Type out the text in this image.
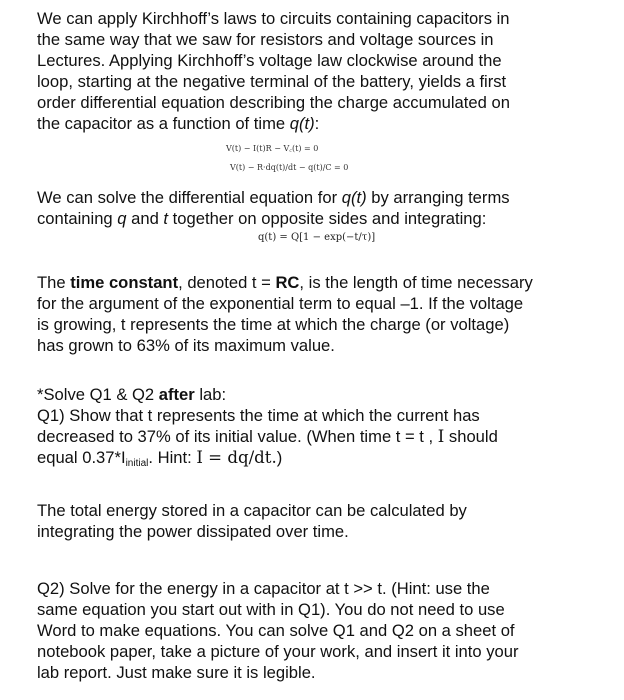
We can apply Kirchhoff’s laws to circuits containing capacitors in
the same way that we saw for resistors and voltage sources in
Lectures. Applying Kirchhoff’s voltage law clockwise around the
loop, starting at the negative terminal of the battery, yields a first
order differential equation describing the charge accumulated on
the capacitor as a function of time q(t):
V(t) − I(t)R − V꜀(t) = 0
V(t) − R·dq(t)/dt − q(t)/C = 0
We can solve the differential equation for q(t) by arranging terms
containing q and t together on opposite sides and integrating:
q(t) = Q[1 − exp(−t/τ)]
The time constant, denoted t = RC, is the length of time necessary
for the argument of the exponential term to equal –1. If the voltage
is growing, t represents the time at which the charge (or voltage)
has grown to 63% of its maximum value.
*Solve Q1 & Q2 after lab:
Q1) Show that t represents the time at which the current has
decreased to 37% of its initial value. (When time t = t , I should
equal $0.37*I_{initial}$. Hint: I = dq/dt.)
The total energy stored in a capacitor can be calculated by
integrating the power dissipated over time.
Q2) Solve for the energy in a capacitor at t >> t. (Hint: use the
same equation you start out with in Q1). You do not need to use
Word to make equations. You can solve Q1 and Q2 on a sheet of
notebook paper, take a picture of your work, and insert it into your
lab report. Just make sure it is legible.
